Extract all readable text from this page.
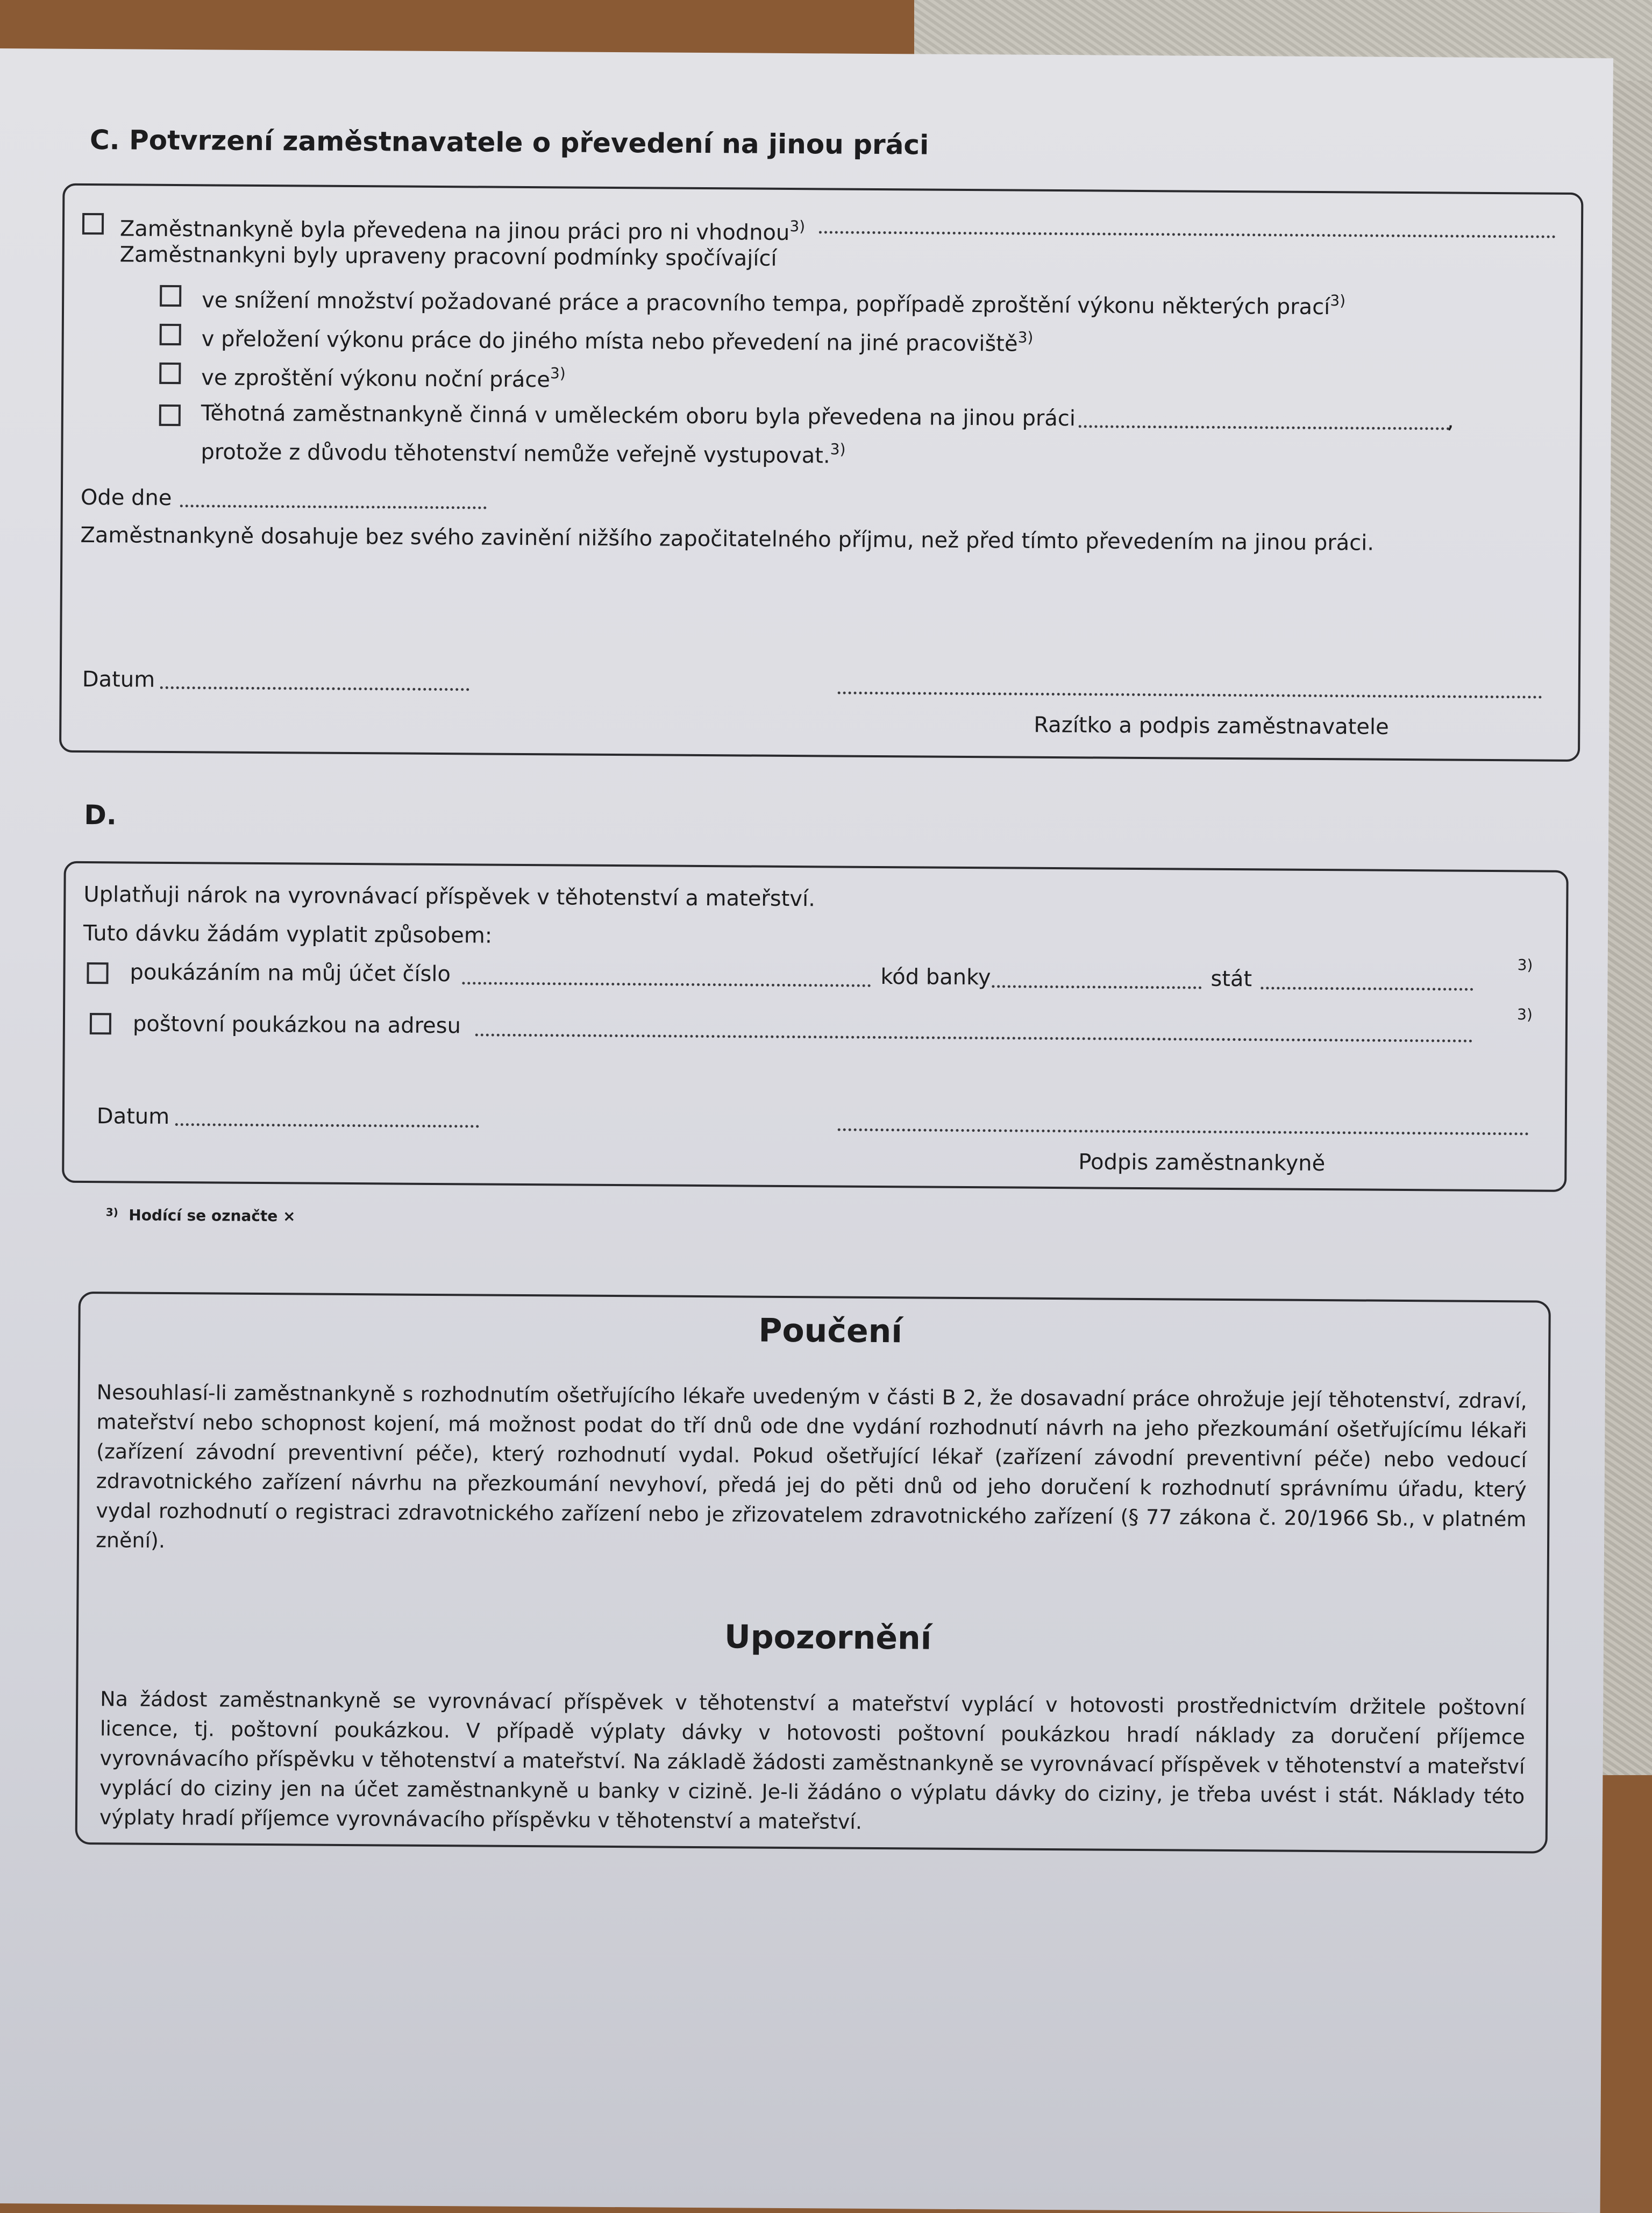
C. Potvrzení zaměstnavatele o převedení na jinou práci
Zaměstnankyně byla převedena na jinou práci pro ni vhodnou$^{3)}$
Zaměstnankyni byly upraveny pracovní podmínky spočívající
ve snížení množství požadované práce a pracovního tempa, popřípadě zproštění výkonu některých prací$^{3)}$
v přeložení výkonu práce do jiného místa nebo převedení na jiné pracoviště$^{3)}$
ve zproštění výkonu noční práce$^{3)}$
Těhotná zaměstnankyně činná v uměleckém oboru byla převedena na jinou práci	,
protože z důvodu těhotenství nemůže veřejně vystupovat.$^{3)}$
Ode dne
Zaměstnankyně dosahuje bez svého zavinění nižšího započitatelného příjmu, než před tímto převedením na jinou práci.
Datum
Razítko a podpis zaměstnavatele
D.
Uplatňuji nárok na vyrovnávací příspěvek v těhotenství a mateřství.
Tuto dávku žádám vyplatit způsobem:
poukázáním na můj účet číslo	kód banky	stát
3)
poštovní poukázkou na adresu	3)
Datum
Podpis zaměstnankyně
$^{3)}$ Hodící se označte ×
Poučení

Nesouhlasí-li zaměstnankyně s rozhodnutím ošetřujícího lékaře uvedeným v části B 2, že dosavadní práce ohrožuje její těhotenství, zdraví, mateřství nebo schopnost kojení, má možnost podat do tří dnů ode dne vydání rozhodnutí návrh na jeho přezkoumání ošetřujícímu lékaři (zařízení závodní preventivní péče), který rozhodnutí vydal. Pokud ošetřující lékař (zařízení závodní preventivní péče) nebo vedoucí zdravotnického zařízení návrhu na přezkoumání nevyhoví, předá jej do pěti dnů od jeho doručení k rozhodnutí správnímu úřadu, který vydal rozhodnutí o registraci zdravotnického zařízení nebo je zřizovatelem zdravotnického zařízení (§ 77 zákona č. 20/1966 Sb., v platném znění).

Upozornění

Na žádost zaměstnankyně se vyrovnávací příspěvek v těhotenství a mateřství vyplácí v hotovosti prostřednictvím držitele poštovní licence, tj. poštovní poukázkou. V případě výplaty dávky v hotovosti poštovní poukázkou hradí náklady za doručení příjemce vyrovnávacího příspěvku v těhotenství a mateřství. Na základě žádosti zaměstnankyně se vyrovnávací příspěvek v těhotenství a mateřství vyplácí do ciziny jen na účet zaměstnankyně u banky v cizině. Je-li žádáno o výplatu dávky do ciziny, je třeba uvést i stát. Náklady této výplaty hradí příjemce vyrovnávacího příspěvku v těhotenství a mateřství.
